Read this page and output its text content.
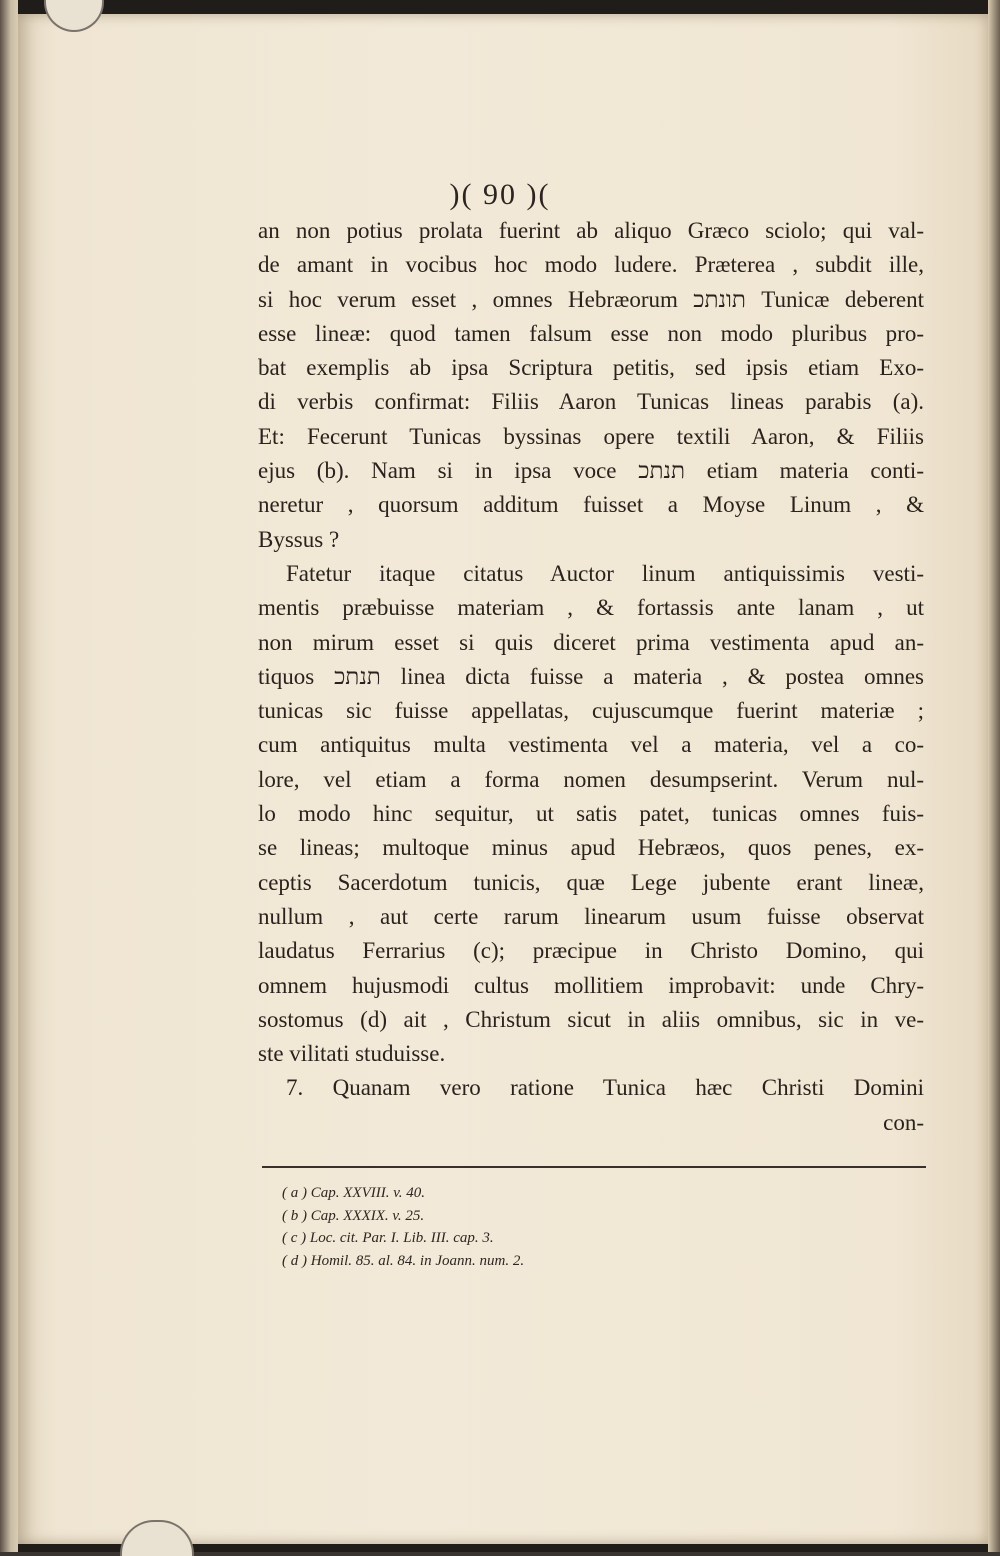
)( 90 )(
an non potius prolata fuerint ab aliquo Græco sciolo; qui val-
de amant in vocibus hoc modo ludere. Præterea , subdit ille,
si hoc verum esset , omnes Hebræorum תונתכ Tunicæ deberent
esse lineæ: quod tamen falsum esse non modo pluribus pro-
bat exemplis ab ipsa Scriptura petitis, sed ipsis etiam Exo-
di verbis confirmat: Filiis Aaron Tunicas lineas parabis (a).
Et: Fecerunt Tunicas byssinas opere textili Aaron, & Filiis
ejus (b). Nam si in ipsa voce תנתכ etiam materia conti-
neretur , quorsum additum fuisset a Moyse Linum , &
Byssus ?
Fatetur itaque citatus Auctor linum antiquissimis vesti-
mentis præbuisse materiam , & fortassis ante lanam , ut
non mirum esset si quis diceret prima vestimenta apud an-
tiquos תנתכ linea dicta fuisse a materia , & postea omnes
tunicas sic fuisse appellatas, cujuscumque fuerint materiæ ;
cum antiquitus multa vestimenta vel a materia, vel a co-
lore, vel etiam a forma nomen desumpserint. Verum nul-
lo modo hinc sequitur, ut satis patet, tunicas omnes fuis-
se lineas; multoque minus apud Hebræos, quos penes, ex-
ceptis Sacerdotum tunicis, quæ Lege jubente erant lineæ,
nullum , aut certe rarum linearum usum fuisse observat
laudatus Ferrarius (c); præcipue in Christo Domino, qui
omnem hujusmodi cultus mollitiem improbavit: unde Chry-
sostomus (d) ait , Christum sicut in aliis omnibus, sic in ve-
ste vilitati studuisse.
7. Quanam vero ratione Tunica hæc Christi Domini
con-
( a ) Cap. XXVIII. v. 40.
( b ) Cap. XXXIX. v. 25.
( c ) Loc. cit. Par. I. Lib. III. cap. 3.
( d ) Homil. 85. al. 84. in Joann. num. 2.
